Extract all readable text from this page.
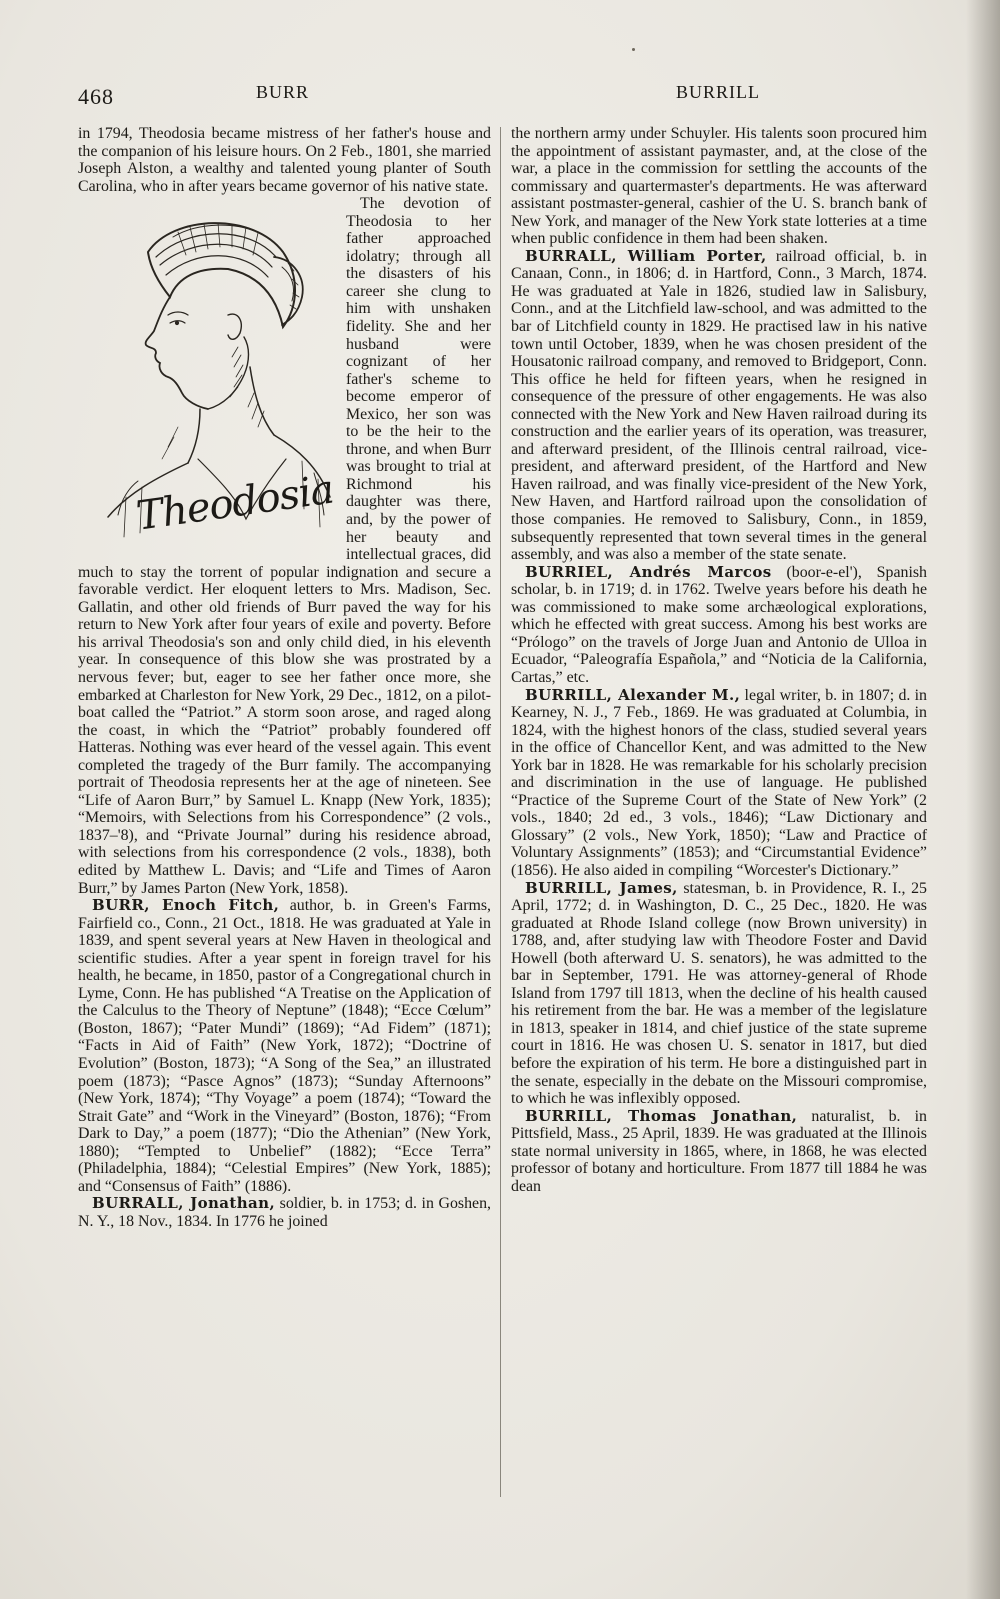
468	BURR	BURRILL

in 1794, Theodosia became mistress of her father's house and the companion of his leisure hours. On 2 Feb., 1801, she married Joseph Alston, a wealthy and talented young planter of South Carolina, who in after years became governor of his native state.

Theodosia

The devotion of Theodosia to her father approached idolatry; through all the disasters of his career she clung to him with unshaken fidelity. She and her husband were cognizant of her father's scheme to become emperor of Mexico, her son was to be the heir to the throne, and when Burr was brought to trial at Richmond his daughter was there, and, by the power of her beauty and intellectual graces, did much to stay the torrent of popular indignation and secure a favorable verdict. Her eloquent letters to Mrs. Madison, Sec. Gallatin, and other old friends of Burr paved the way for his return to New York after four years of exile and poverty. Before his arrival Theodosia's son and only child died, in his eleventh year. In consequence of this blow she was prostrated by a nervous fever; but, eager to see her father once more, she embarked at Charleston for New York, 29 Dec., 1812, on a pilot-boat called the “Patriot.” A storm soon arose, and raged along the coast, in which the “Patriot” probably foundered off Hatteras. Nothing was ever heard of the vessel again. This event completed the tragedy of the Burr family. The accompanying portrait of Theodosia represents her at the age of nineteen. See “Life of Aaron Burr,” by Samuel L. Knapp (New York, 1835); “Memoirs, with Selections from his Correspondence” (2 vols., 1837–'8), and “Private Journal” during his residence abroad, with selections from his correspondence (2 vols., 1838), both edited by Matthew L. Davis; and “Life and Times of Aaron Burr,” by James Parton (New York, 1858).

BURR, Enoch Fitch, author, b. in Green's Farms, Fairfield co., Conn., 21 Oct., 1818. He was graduated at Yale in 1839, and spent several years at New Haven in theological and scientific studies. After a year spent in foreign travel for his health, he became, in 1850, pastor of a Congregational church in Lyme, Conn. He has published “A Treatise on the Application of the Calculus to the Theory of Neptune” (1848); “Ecce Cœlum” (Boston, 1867); “Pater Mundi” (1869); “Ad Fidem” (1871); “Facts in Aid of Faith” (New York, 1872); “Doctrine of Evolution” (Boston, 1873); “A Song of the Sea,” an illustrated poem (1873); “Pasce Agnos” (1873); “Sunday Afternoons” (New York, 1874); “Thy Voyage” a poem (1874); “Toward the Strait Gate” and “Work in the Vineyard” (Boston, 1876); “From Dark to Day,” a poem (1877); “Dio the Athenian” (New York, 1880); “Tempted to Unbelief” (1882); “Ecce Terra” (Philadelphia, 1884); “Celestial Empires” (New York, 1885); and “Consensus of Faith” (1886).

BURRALL, Jonathan, soldier, b. in 1753; d. in Goshen, N. Y., 18 Nov., 1834. In 1776 he joined

the northern army under Schuyler. His talents soon procured him the appointment of assistant paymaster, and, at the close of the war, a place in the commission for settling the accounts of the commissary and quartermaster's departments. He was afterward assistant postmaster-general, cashier of the U. S. branch bank of New York, and manager of the New York state lotteries at a time when public confidence in them had been shaken.

BURRALL, William Porter, railroad official, b. in Canaan, Conn., in 1806; d. in Hartford, Conn., 3 March, 1874. He was graduated at Yale in 1826, studied law in Salisbury, Conn., and at the Litchfield law-school, and was admitted to the bar of Litchfield county in 1829. He practised law in his native town until October, 1839, when he was chosen president of the Housatonic railroad company, and removed to Bridgeport, Conn. This office he held for fifteen years, when he resigned in consequence of the pressure of other engagements. He was also connected with the New York and New Haven railroad during its construction and the earlier years of its operation, was treasurer, and afterward president, of the Illinois central railroad, vice-president, and afterward president, of the Hartford and New Haven railroad, and was finally vice-president of the New York, New Haven, and Hartford railroad upon the consolidation of those companies. He removed to Salisbury, Conn., in 1859, subsequently represented that town several times in the general assembly, and was also a member of the state senate.

BURRIEL, Andrés Marcos (boor-e-el'), Spanish scholar, b. in 1719; d. in 1762. Twelve years before his death he was commissioned to make some archæological explorations, which he effected with great success. Among his best works are “Prólogo” on the travels of Jorge Juan and Antonio de Ulloa in Ecuador, “Paleografía Española,” and “Noticia de la California, Cartas,” etc.

BURRILL, Alexander M., legal writer, b. in 1807; d. in Kearney, N. J., 7 Feb., 1869. He was graduated at Columbia, in 1824, with the highest honors of the class, studied several years in the office of Chancellor Kent, and was admitted to the New York bar in 1828. He was remarkable for his scholarly precision and discrimination in the use of language. He published “Practice of the Supreme Court of the State of New York” (2 vols., 1840; 2d ed., 3 vols., 1846); “Law Dictionary and Glossary” (2 vols., New York, 1850); “Law and Practice of Voluntary Assignments” (1853); and “Circumstantial Evidence” (1856). He also aided in compiling “Worcester's Dictionary.”

BURRILL, James, statesman, b. in Providence, R. I., 25 April, 1772; d. in Washington, D. C., 25 Dec., 1820. He was graduated at Rhode Island college (now Brown university) in 1788, and, after studying law with Theodore Foster and David Howell (both afterward U. S. senators), he was admitted to the bar in September, 1791. He was attorney-general of Rhode Island from 1797 till 1813, when the decline of his health caused his retirement from the bar. He was a member of the legislature in 1813, speaker in 1814, and chief justice of the state supreme court in 1816. He was chosen U. S. senator in 1817, but died before the expiration of his term. He bore a distinguished part in the senate, especially in the debate on the Missouri compromise, to which he was inflexibly opposed.

BURRILL, Thomas Jonathan, naturalist, b. in Pittsfield, Mass., 25 April, 1839. He was graduated at the Illinois state normal university in 1865, where, in 1868, he was elected professor of botany and horticulture. From 1877 till 1884 he was dean
